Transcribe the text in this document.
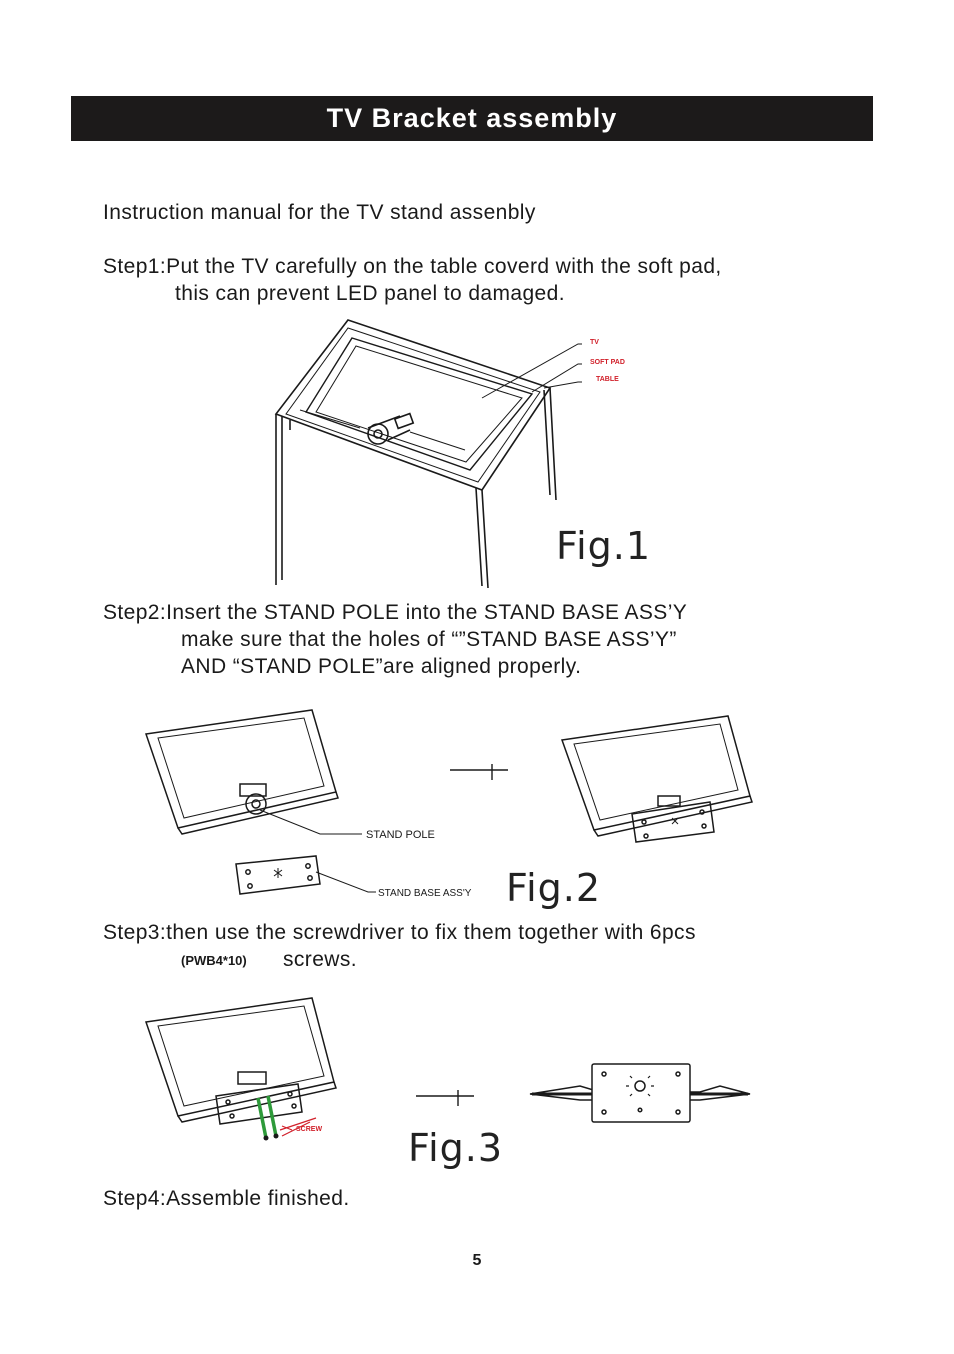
TV Bracket assembly
Instruction manual for the TV stand assenbly
Step1:Put the TV carefully on the table coverd with the soft pad,
this can prevent LED panel to damaged.
TV
SOFT PAD
TABLE
Fig.1
Step2:Insert the STAND POLE into the STAND BASE ASS’Y
make sure that the holes of “”STAND BASE ASS’Y”
AND “STAND POLE”are aligned properly.
STAND POLE
STAND BASE ASS'Y Fig.2
Step3:then use the screwdriver to fix them together with 6pcs
(PWB4*10) screws.
SCREW Fig.3
Step4:Assemble finished.
5
